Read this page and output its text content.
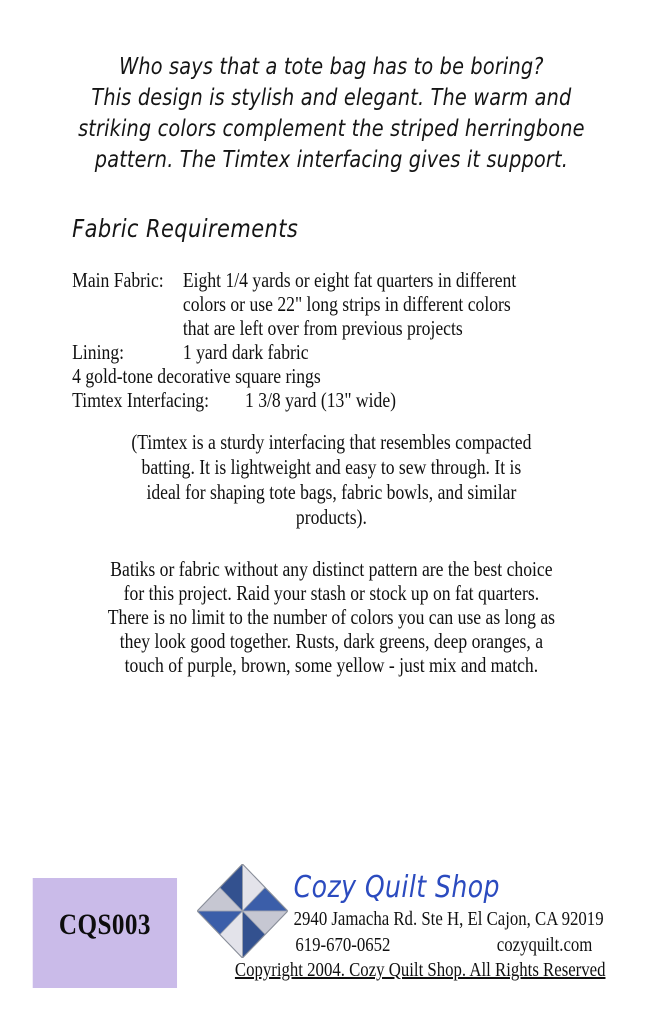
Who says that a tote bag has to be boring?
This design is stylish and elegant. The warm and
striking colors complement the striped herringbone
pattern. The Timtex interfacing gives it support.
Fabric Requirements
Main Fabric: Eight 1/4 yards or eight fat quarters in different
colors or use 22" long strips in different colors
that are left over from previous projects
Lining:	1 yard dark fabric
4 gold-tone decorative square rings
Timtex Interfacing:	1 3/8 yard (13" wide)
(Timtex is a sturdy interfacing that resembles compacted
batting. It is lightweight and easy to sew through. It is
ideal for shaping tote bags, fabric bowls, and similar
products).
Batiks or fabric without any distinct pattern are the best choice
for this project. Raid your stash or stock up on fat quarters.
There is no limit to the number of colors you can use as long as
they look good together. Rusts, dark greens, deep oranges, a
touch of purple, brown, some yellow - just mix and match.
CQS003
Cozy Quilt Shop
2940 Jamacha Rd. Ste H, El Cajon, CA 92019
619-670-0652	cozyquilt.com
Copyright 2004. Cozy Quilt Shop. All Rights Reserved
